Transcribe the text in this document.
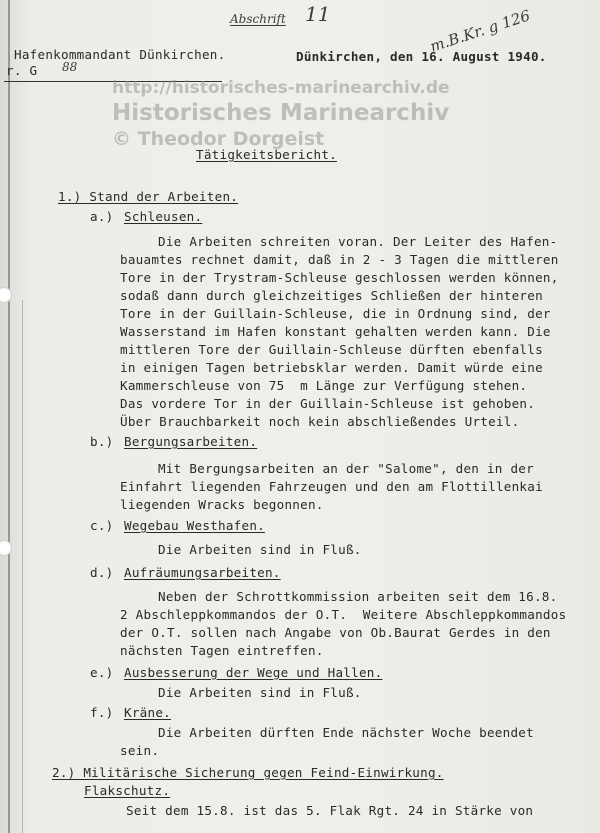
Abschrift 11	m.B.Kr. g 126
88
Hafenkommandant Dünkirchen.
r. G
Dünkirchen, den 16. August 1940.
http://historisches-marinearchiv.de
Historisches Marinearchiv
© Theodor Dorgeist
Tätigkeitsbericht.
1.) Stand der Arbeiten.
a.) Schleusen.
Die Arbeiten schreiten voran. Der Leiter des Hafen-
bauamtes rechnet damit, daß in 2 - 3 Tagen die mittleren
Tore in der Trystram-Schleuse geschlossen werden können,
sodaß dann durch gleichzeitiges Schließen der hinteren
Tore in der Guillain-Schleuse, die in Ordnung sind, der
Wasserstand im Hafen konstant gehalten werden kann. Die
mittleren Tore der Guillain-Schleuse dürften ebenfalls
in einigen Tagen betriebsklar werden. Damit würde eine
Kammerschleuse von 75  m Länge zur Verfügung stehen.
Das vordere Tor in der Guillain-Schleuse ist gehoben.
Über Brauchbarkeit noch kein abschließendes Urteil.
b.) Bergungsarbeiten.
Mit Bergungsarbeiten an der "Salome", den in der
Einfahrt liegenden Fahrzeugen und den am Flottillenkai
liegenden Wracks begonnen.
c.) Wegebau Westhafen.
Die Arbeiten sind in Fluß.
d.) Aufräumungsarbeiten.
Neben der Schrottkommission arbeiten seit dem 16.8.
2 Abschleppkommandos der O.T.  Weitere Abschleppkommandos
der O.T. sollen nach Angabe von Ob.Baurat Gerdes in den
nächsten Tagen eintreffen.
e.) Ausbesserung der Wege und Hallen.
Die Arbeiten sind in Fluß.
f.) Kräne.
Die Arbeiten dürften Ende nächster Woche beendet
sein.
2.) Militärische Sicherung gegen Feind-Einwirkung.
Flakschutz.
Seit dem 15.8. ist das 5. Flak Rgt. 24 in Stärke von
